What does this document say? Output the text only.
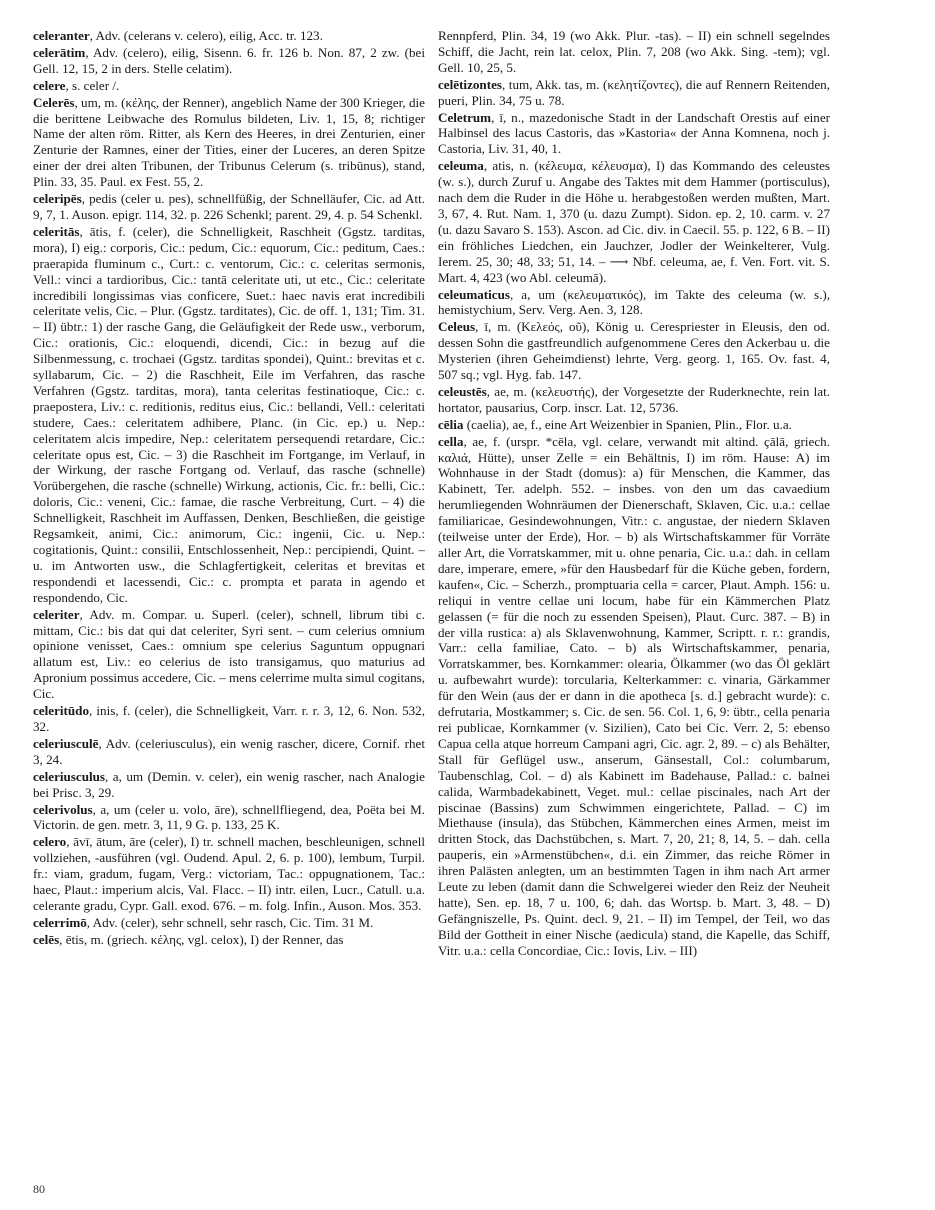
celeranter, Adv. (celerans v. celero), eilig, Acc. tr. 123.

celerātim, Adv. (celero), eilig, Sisenn. 6. fr. 126 b. Non. 87, 2 zw. (bei Gell. 12, 15, 2 in ders. Stelle celatim).

celere, s. celer /.

Celerēs, um, m. (κέλης, der Renner), angeblich Name der 300 Krieger, die die berittene Leibwache des Romulus bildeten, Liv. 1, 15, 8; richtiger Name der alten röm. Ritter, als Kern des Heeres, in drei Zenturien, einer Zenturie der Ramnes, einer der Tities, einer der Luceres, an deren Spitze einer der drei alten Tribunen, der Tribunus Celerum (s. tribūnus), stand, Plin. 33, 35. Paul. ex Fest. 55, 2.

celeripēs, pedis (celer u. pes), schnellfüßig, der Schnelläufer, Cic. ad Att. 9, 7, 1. Auson. epigr. 114, 32. p. 226 Schenkl; parent. 29, 4. p. 54 Schenkl.

celeritās, ātis, f. (celer), die Schnelligkeit, Raschheit (Ggstz. tarditas, mora), I) eig.: corporis, Cic.: pedum, Cic.: equorum, Cic.: peditum, Caes.: praerapida fluminum c., Curt.: c. ventorum, Cic.: c. celeritas sermonis, Vell.: vinci a tardioribus, Cic.: tantā celeritate uti, ut etc., Cic.: celeritate incredibili longissimas vias conficere, Suet.: haec navis erat incredibili celeritate velis, Cic. – Plur. (Ggstz. tarditates), Cic. de off. 1, 131; Tim. 31. – II) übtr.: 1) der rasche Gang, die Geläufigkeit der Rede usw., verborum, Cic.: orationis, Cic.: eloquendi, dicendi, Cic.: in bezug auf die Silbenmessung, c. trochaei (Ggstz. tarditas spondei), Quint.: brevitas et c. syllabarum, Cic. – 2) die Raschheit, Eile im Verfahren, das rasche Verfahren (Ggstz. tarditas, mora), tanta celeritas festinatioque, Cic.: c. praepostera, Liv.: c. reditionis, reditus eius, Cic.: bellandi, Vell.: celeritati studere, Caes.: celeritatem adhibere, Planc. (in Cic. ep.) u. Nep.: celeritatem alcis impedire, Nep.: celeritatem persequendi retardare, Cic.: celeritate opus est, Cic. – 3) die Raschheit im Fortgange, im Verlauf, in der Wirkung, der rasche Fortgang od. Verlauf, das rasche (schnelle) Vorübergehen, die rasche (schnelle) Wirkung, actionis, Cic. fr.: belli, Cic.: doloris, Cic.: veneni, Cic.: famae, die rasche Verbreitung, Curt. – 4) die Schnelligkeit, Raschheit im Auffassen, Denken, Beschließen, die geistige Regsamkeit, animi, Cic.: animorum, Cic.: ingenii, Cic. u. Nep.: cogitationis, Quint.: consilii, Entschlossenheit, Nep.: percipiendi, Quint. – u. im Antworten usw., die Schlagfertigkeit, celeritas et brevitas et respondendi et lacessendi, Cic.: c. prompta et parata in agendo et respondendo, Cic.

celeriter, Adv. m. Compar. u. Superl. (celer), schnell, librum tibi c. mittam, Cic.: bis dat qui dat celeriter, Syri sent. – cum celerius omnium opinione venisset, Caes.: omnium spe celerius Saguntum oppugnari allatum est, Liv.: eo celerius de isto transigamus, quo maturius ad Apronium possimus accedere, Cic. – mens celerrime multa simul cogitans, Cic.

celeritūdo, inis, f. (celer), die Schnelligkeit, Varr. r. r. 3, 12, 6. Non. 532, 32.

celeriusculē, Adv. (celeriusculus), ein wenig rascher, dicere, Cornif. rhet 3, 24.

celeriusculus, a, um (Demin. v. celer), ein wenig rascher, nach Analogie bei Prisc. 3, 29.

celerivolus, a, um (celer u. volo, āre), schnellfliegend, dea, Poëta bei M. Victorin. de gen. metr. 3, 11, 9 G. p. 133, 25 K.

celero, āvī, ātum, āre (celer), I) tr. schnell machen, beschleunigen, schnell vollziehen, -ausführen (vgl. Oudend. Apul. 2, 6. p. 100), lembum, Turpil. fr.: viam, gradum, fugam, Verg.: victoriam, Tac.: oppugnationem, Tac.: haec, Plaut.: imperium alcis, Val. Flacc. – II) intr. eilen, Lucr., Catull. u.a. celerante gradu, Cypr. Gall. exod. 676. – m. folg. Infin., Auson. Mos. 353.

celerrimō, Adv. (celer), sehr schnell, sehr rasch, Cic. Tim. 31 M.

celēs, ētis, m. (griech. κέλης, vgl. celox), I) der Renner, das

Rennpferd, Plin. 34, 19 (wo Akk. Plur. -tas). – II) ein schnell segelndes Schiff, die Jacht, rein lat. celox, Plin. 7, 208 (wo Akk. Sing. -tem); vgl. Gell. 10, 25, 5.

celētizontes, tum, Akk. tas, m. (κελητίζοντες), die auf Rennern Reitenden, pueri, Plin. 34, 75 u. 78.

Celetrum, ī, n., mazedonische Stadt in der Landschaft Orestis auf einer Halbinsel des lacus Castoris, das »Kastoria« der Anna Komnena, noch j. Castoria, Liv. 31, 40, 1.

celeuma, atis, n. (κέλευμα, κέλευσμα), I) das Kommando des celeustes (w. s.), durch Zuruf u. Angabe des Taktes mit dem Hammer (portisculus), nach dem die Ruder in die Höhe u. herabgestoßen werden mußten, Mart. 3, 67, 4. Rut. Nam. 1, 370 (u. dazu Zumpt). Sidon. ep. 2, 10. carm. v. 27 (u. dazu Savaro S. 153). Ascon. ad Cic. div. in Caecil. 55. p. 122, 6 B. – II) ein fröhliches Liedchen, ein Jauchzer, Jodler der Weinkelterer, Vulg. Ierem. 25, 30; 48, 33; 51, 14. – ⟶ Nbf. celeuma, ae, f. Ven. Fort. vit. S. Mart. 4, 423 (wo Abl. celeumā).

celeumaticus, a, um (κελευματικός), im Takte des celeuma (w. s.), hemistychium, Serv. Verg. Aen. 3, 128.

Celeus, ī, m. (Κελεός, οῦ), König u. Cerespriester in Eleusis, den od. dessen Sohn die gastfreundlich aufgenommene Ceres den Ackerbau u. die Mysterien (ihren Geheimdienst) lehrte, Verg. georg. 1, 165. Ov. fast. 4, 507 sq.; vgl. Hyg. fab. 147.

celeustēs, ae, m. (κελευστής), der Vorgesetzte der Ruderknechte, rein lat. hortator, pausarius, Corp. inscr. Lat. 12, 5736.

cēlia (caelia), ae, f., eine Art Weizenbier in Spanien, Plin., Flor. u.a.

cella, ae, f. (urspr. *cēla, vgl. celare, verwandt mit altind. çālā, griech. καλιά, Hütte), unser Zelle = ein Behältnis, I) im röm. Hause: A) im Wohnhause in der Stadt (domus): a) für Menschen, die Kammer, das Kabinett, Ter. adelph. 552. – insbes. von den um das cavaedium herumliegenden Wohnräumen der Dienerschaft, Sklaven, Cic. u.a.: cellae familiaricae, Gesindewohnungen, Vitr.: c. angustae, der niedern Sklaven (teilweise unter der Erde), Hor. – b) als Wirtschaftskammer für Vorräte aller Art, die Vorratskammer, mit u. ohne penaria, Cic. u.a.: dah. in cellam dare, imperare, emere, »für den Hausbedarf für die Küche geben, fordern, kaufen«, Cic. – Scherzh., promptuaria cella = carcer, Plaut. Amph. 156: u. reliqui in ventre cellae uni locum, habe für ein Kämmerchen Platz gelassen (= für die noch zu essenden Speisen), Plaut. Curc. 387. – B) in der villa rustica: a) als Sklavenwohnung, Kammer, Scriptt. r. r.: grandis, Varr.: cella familiae, Cato. – b) als Wirtschaftskammer, penaria, Vorratskammer, bes. Kornkammer: olearia, Ölkammer (wo das Öl geklärt u. aufbewahrt wurde): torcularia, Kelterkammer: c. vinaria, Gärkammer für den Wein (aus der er dann in die apotheca [s. d.] gebracht wurde): c. defrutaria, Mostkammer; s. Cic. de sen. 56. Col. 1, 6, 9: übtr., cella penaria rei publicae, Kornkammer (v. Sizilien), Cato bei Cic. Verr. 2, 5: ebenso Capua cella atque horreum Campani agri, Cic. agr. 2, 89. – c) als Behälter, Stall für Geflügel usw., anserum, Gänsestall, Col.: columbarum, Taubenschlag, Col. – d) als Kabinett im Badehause, Pallad.: c. balnei calida, Warmbadekabinett, Veget. mul.: cellae piscinales, nach Art der piscinae (Bassins) zum Schwimmen eingerichtete, Pallad. – C) im Miethause (insula), das Stübchen, Kämmerchen eines Armen, meist im dritten Stock, das Dachstübchen, s. Mart. 7, 20, 21; 8, 14, 5. – dah. cella pauperis, ein »Armenstübchen«, d.i. ein Zimmer, das reiche Römer in ihren Palästen anlegten, um an bestimmten Tagen in ihm nach Art armer Leute zu leben (damit dann die Schwelgerei wieder den Reiz der Neuheit hatte), Sen. ep. 18, 7 u. 100, 6; dah. das Wortsp. b. Mart. 3, 48. – D) Gefängniszelle, Ps. Quint. decl. 9, 21. – II) im Tempel, der Teil, wo das Bild der Gottheit in einer Nische (aedicula) stand, die Kapelle, das Schiff, Vitr. u.a.: cella Concordiae, Cic.: Iovis, Liv. – III)

80
